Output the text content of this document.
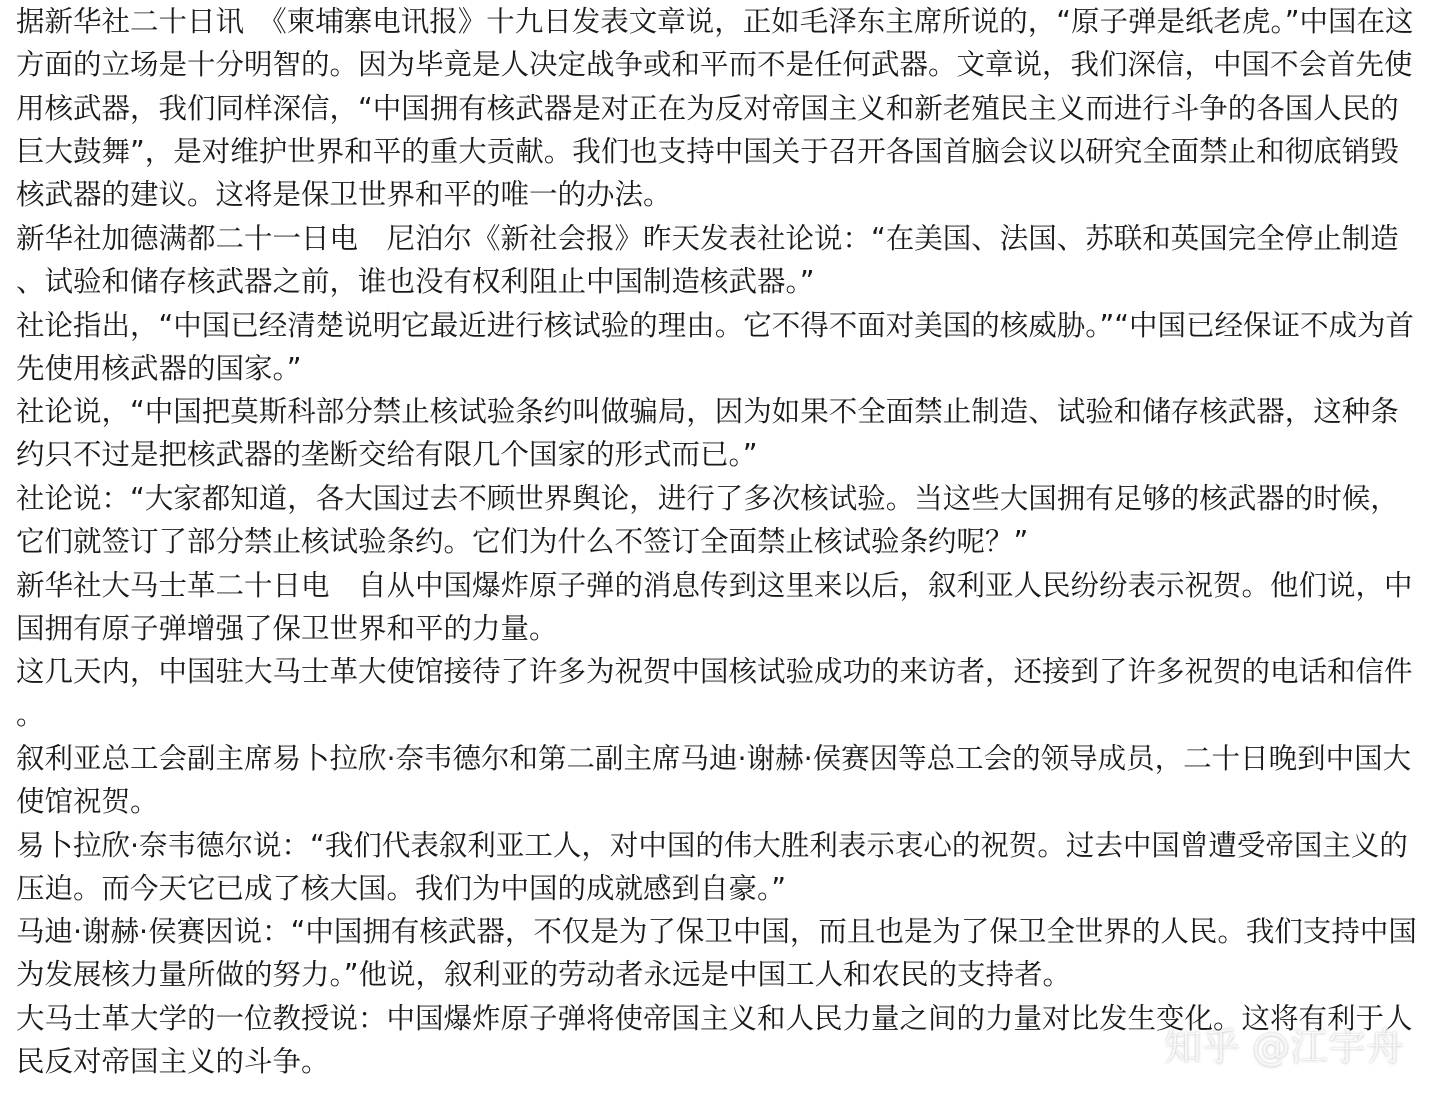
据新华社二十日讯　《柬埔寨电讯报》十九日发表文章说，正如毛泽东主席所说的，“原子弹是纸老虎。”中国在这方面的立场是十分明智的。因为毕竟是人决定战争或和平而不是任何武器。文章说，我们深信，中国不会首先使用核武器，我们同样深信，“中国拥有核武器是对正在为反对帝国主义和新老殖民主义而进行斗争的各国人民的巨大鼓舞”，是对维护世界和平的重大贡献。我们也支持中国关于召开各国首脑会议以研究全面禁止和彻底销毁核武器的建议。这将是保卫世界和平的唯一的办法。

新华社加德满都二十一日电　尼泊尔《新社会报》昨天发表社论说：“在美国、法国、苏联和英国完全停止制造、试验和储存核武器之前，谁也没有权利阻止中国制造核武器。”

社论指出，“中国已经清楚说明它最近进行核试验的理由。它不得不面对美国的核威胁。”“中国已经保证不成为首先使用核武器的国家。”

社论说，“中国把莫斯科部分禁止核试验条约叫做骗局，因为如果不全面禁止制造、试验和储存核武器，这种条约只不过是把核武器的垄断交给有限几个国家的形式而已。”

社论说：“大家都知道，各大国过去不顾世界舆论，进行了多次核试验。当这些大国拥有足够的核武器的时候，它们就签订了部分禁止核试验条约。它们为什么不签订全面禁止核试验条约呢？”

新华社大马士革二十日电　自从中国爆炸原子弹的消息传到这里来以后，叙利亚人民纷纷表示祝贺。他们说，中国拥有原子弹增强了保卫世界和平的力量。

这几天内，中国驻大马士革大使馆接待了许多为祝贺中国核试验成功的来访者，还接到了许多祝贺的电话和信件。

叙利亚总工会副主席易卜拉欣·奈韦德尔和第二副主席马迪·谢赫·侯赛因等总工会的领导成员，二十日晚到中国大使馆祝贺。

易卜拉欣·奈韦德尔说：“我们代表叙利亚工人，对中国的伟大胜利表示衷心的祝贺。过去中国曾遭受帝国主义的压迫。而今天它已成了核大国。我们为中国的成就感到自豪。”

马迪·谢赫·侯赛因说：“中国拥有核武器，不仅是为了保卫中国，而且也是为了保卫全世界的人民。我们支持中国为发展核力量所做的努力。”他说，叙利亚的劳动者永远是中国工人和农民的支持者。

大马士革大学的一位教授说：中国爆炸原子弹将使帝国主义和人民力量之间的力量对比发生变化。这将有利于人民反对帝国主义的斗争。	知乎 @江宇舟
